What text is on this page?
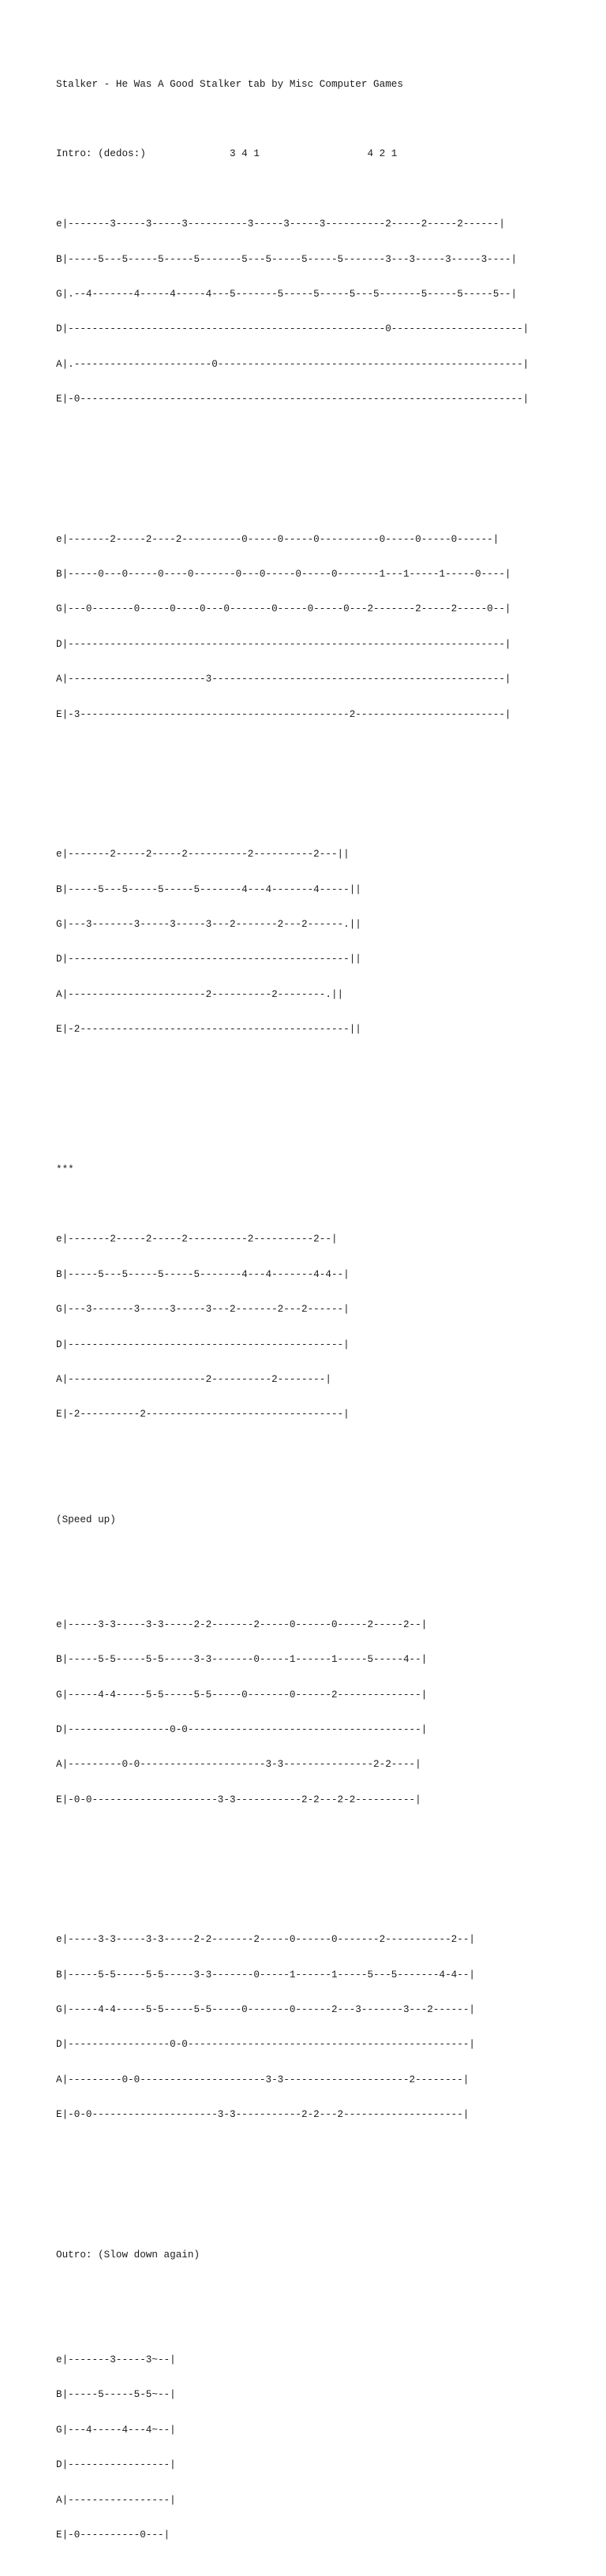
Stalker - He Was A Good Stalker tab by Misc Computer Games

Intro: (dedos:)              3 4 1                  4 2 1

e|-------3-----3-----3----------3-----3-----3----------2-----2-----2------|

B|-----5---5-----5-----5-------5---5-----5-----5-------3---3-----3-----3----|

G|.--4-------4-----4-----4---5-------5-----5-----5---5-------5-----5-----5--|

D|-----------------------------------------------------0----------------------|

A|.-----------------------0---------------------------------------------------|

E|-0--------------------------------------------------------------------------|

e|-------2-----2----2----------0-----0-----0----------0-----0-----0------|

B|-----0---0-----0----0-------0---0-----0-----0-------1---1-----1-----0----|

G|---0-------0-----0----0---0-------0-----0-----0---2-------2-----2-----0--|

D|-------------------------------------------------------------------------|

A|-----------------------3-------------------------------------------------|

E|-3---------------------------------------------2-------------------------|

e|-------2-----2-----2----------2----------2---||

B|-----5---5-----5-----5-------4---4-------4-----||

G|---3-------3-----3-----3---2-------2---2------.||

D|-----------------------------------------------||

A|-----------------------2----------2--------.||

E|-2---------------------------------------------||

***

e|-------2-----2-----2----------2----------2--|

B|-----5---5-----5-----5-------4---4-------4-4--|

G|---3-------3-----3-----3---2-------2---2------|

D|----------------------------------------------|

A|-----------------------2----------2--------|

E|-2----------2---------------------------------|

(Speed up)

e|-----3-3-----3-3-----2-2-------2-----0------0-----2-----2--|

B|-----5-5-----5-5-----3-3-------0-----1------1-----5-----4--|

G|-----4-4-----5-5-----5-5-----0-------0------2--------------|

D|-----------------0-0---------------------------------------|

A|---------0-0---------------------3-3---------------2-2----|

E|-0-0---------------------3-3-----------2-2---2-2----------|

e|-----3-3-----3-3-----2-2-------2-----0------0-------2-----------2--|

B|-----5-5-----5-5-----3-3-------0-----1------1-----5---5-------4-4--|

G|-----4-4-----5-5-----5-5-----0-------0------2---3-------3---2------|

D|-----------------0-0-----------------------------------------------|

A|---------0-0---------------------3-3---------------------2--------|

E|-0-0---------------------3-3-----------2-2---2--------------------|

Outro: (Slow down again)

e|-------3-----3~--|

B|-----5-----5-5~--|

G|---4-----4---4~--|

D|-----------------|

A|-----------------|

E|-0----------0---|
